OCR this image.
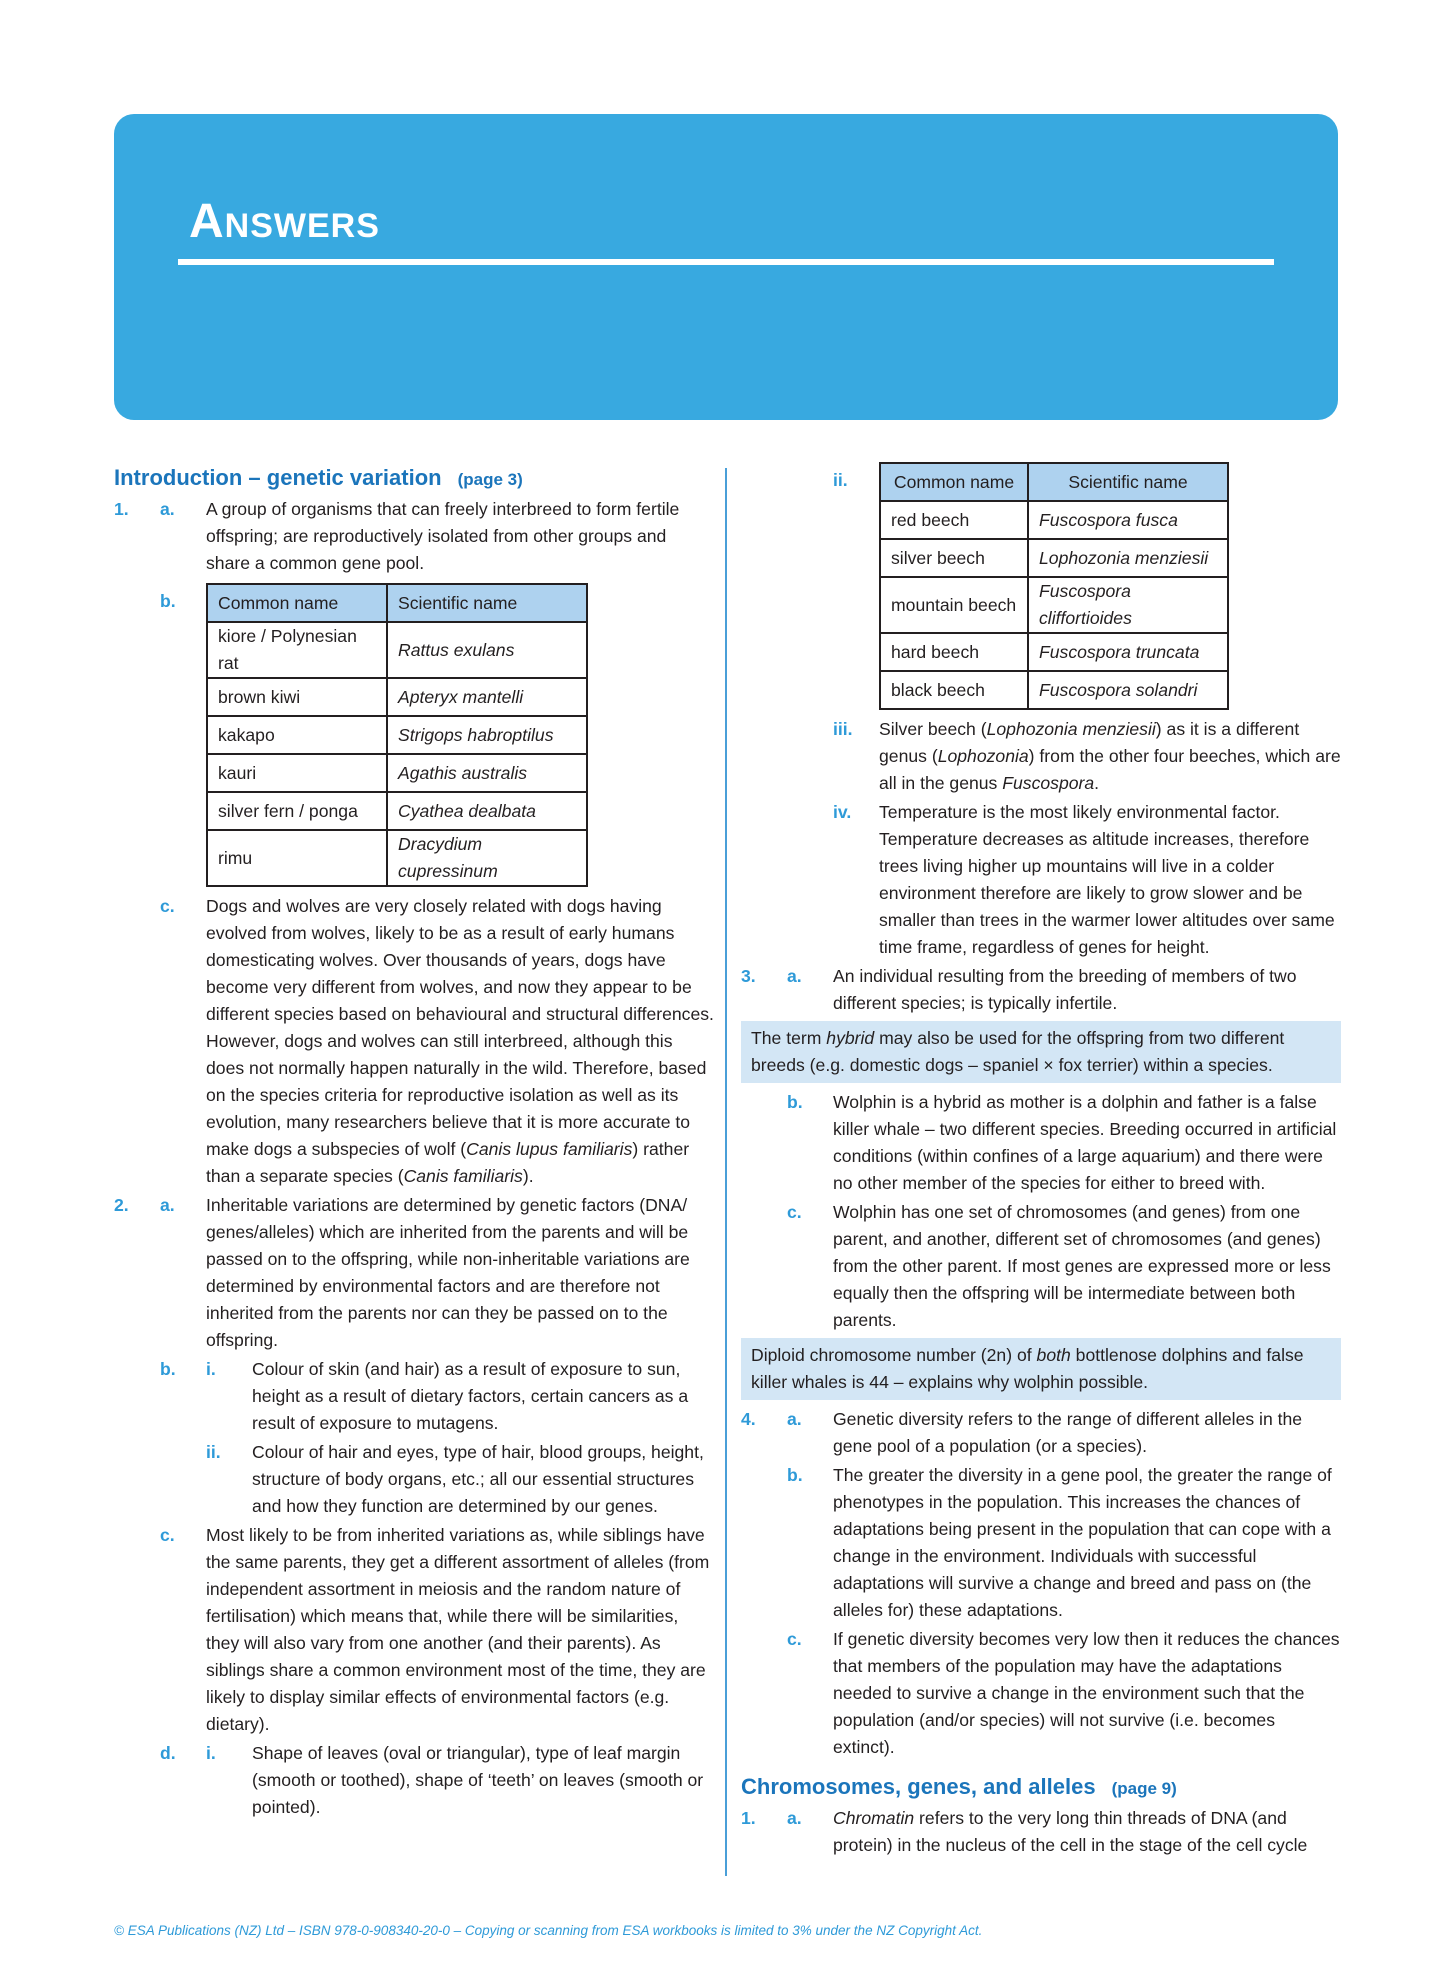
Answers
Introduction – genetic variation (page 3)
1.	a.	A group of organisms that can freely interbreed to form fertile offspring; are reproductively isolated from other groups and share a common gene pool.
b.	Common name	Scientific name
kiore / Polynesian rat	Rattus exulans
brown kiwi	Apteryx mantelli
kakapo	Strigops habroptilus
kauri	Agathis australis
silver fern / ponga	Cyathea dealbata
rimu	Dracydium cupressinum
c.	Dogs and wolves are very closely related with dogs having evolved from wolves, likely to be as a result of early humans domesticating wolves. Over thousands of years, dogs have become very different from wolves, and now they appear to be different species based on behavioural and structural differences. However, dogs and wolves can still interbreed, although this does not normally happen naturally in the wild. Therefore, based on the species criteria for reproductive isolation as well as its evolution, many researchers believe that it is more accurate to make dogs a subspecies of wolf (Canis lupus familiaris) rather than a separate species (Canis familiaris).
2.	a.	Inheritable variations are determined by genetic factors (DNA/ genes/alleles) which are inherited from the parents and will be passed on to the offspring, while non-inheritable variations are determined by environmental factors and are therefore not inherited from the parents nor can they be passed on to the offspring.
b.	i.	Colour of skin (and hair) as a result of exposure to sun, height as a result of dietary factors, certain cancers as a result of exposure to mutagens.
ii.	Colour of hair and eyes, type of hair, blood groups, height, structure of body organs, etc.; all our essential structures and how they function are determined by our genes.
c.	Most likely to be from inherited variations as, while siblings have the same parents, they get a different assortment of alleles (from independent assortment in meiosis and the random nature of fertilisation) which means that, while there will be similarities, they will also vary from one another (and their parents). As siblings share a common environment most of the time, they are likely to display similar effects of environmental factors (e.g. dietary).
d.	i.	Shape of leaves (oval or triangular), type of leaf margin (smooth or toothed), shape of ‘teeth’ on leaves (smooth or pointed).
ii.	Common name	Scientific name
red beech	Fuscospora fusca
silver beech	Lophozonia menziesii
mountain beech	Fuscospora cliffortioides
hard beech	Fuscospora truncata
black beech	Fuscospora solandri
iii.	Silver beech (Lophozonia menziesii) as it is a different genus (Lophozonia) from the other four beeches, which are all in the genus Fuscospora.
iv.	Temperature is the most likely environmental factor. Temperature decreases as altitude increases, therefore trees living higher up mountains will live in a colder environment therefore are likely to grow slower and be smaller than trees in the warmer lower altitudes over same time frame, regardless of genes for height.
3.	a.	An individual resulting from the breeding of members of two different species; is typically infertile.
The term hybrid may also be used for the offspring from two different breeds (e.g. domestic dogs – spaniel × fox terrier) within a species.
b.	Wolphin is a hybrid as mother is a dolphin and father is a false killer whale – two different species. Breeding occurred in artificial conditions (within confines of a large aquarium) and there were no other member of the species for either to breed with.
c.	Wolphin has one set of chromosomes (and genes) from one parent, and another, different set of chromosomes (and genes) from the other parent. If most genes are expressed more or less equally then the offspring will be intermediate between both parents.
Diploid chromosome number (2n) of both bottlenose dolphins and false killer whales is 44 – explains why wolphin possible.
4.	a.	Genetic diversity refers to the range of different alleles in the gene pool of a population (or a species).
b.	The greater the diversity in a gene pool, the greater the range of phenotypes in the population. This increases the chances of adaptations being present in the population that can cope with a change in the environment. Individuals with successful adaptations will survive a change and breed and pass on (the alleles for) these adaptations.
c.	If genetic diversity becomes very low then it reduces the chances that members of the population may have the adaptations needed to survive a change in the environment such that the population (and/or species) will not survive (i.e. becomes extinct).
Chromosomes, genes, and alleles (page 9)
1.	a.	Chromatin refers to the very long thin threads of DNA (and protein) in the nucleus of the cell in the stage of the cell cycle
© ESA Publications (NZ) Ltd – ISBN 978-0-908340-20-0 – Copying or scanning from ESA workbooks is limited to 3% under the NZ Copyright Act.
